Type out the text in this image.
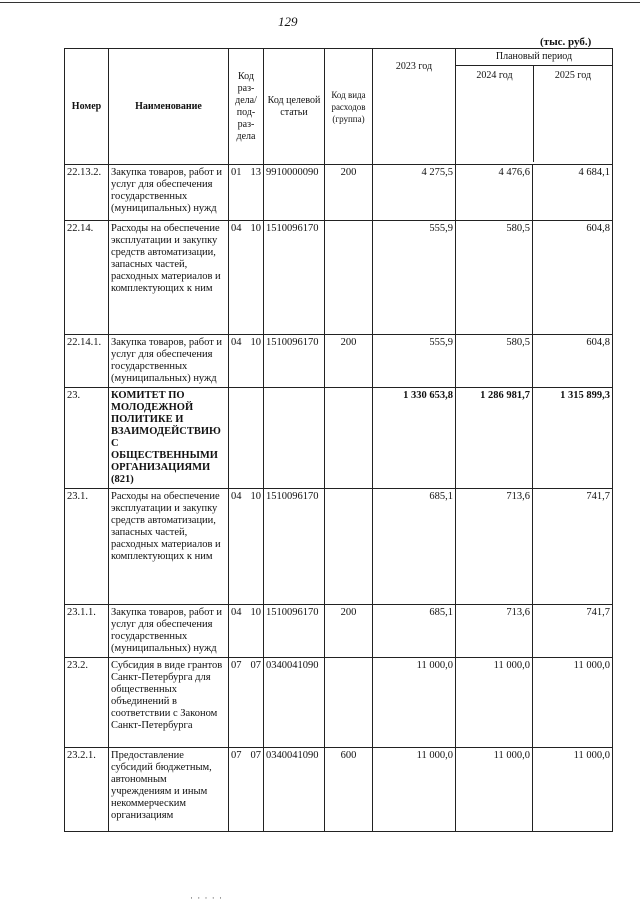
129
(тыс. руб.)
Номер	Наименование	Код раз-дела/ под-раз-дела	Код целевой статьи	Код вида расходов (группа)	2023 год	Плановый период
2024 год 2025 год	

22.13.2.	Закупка товаров, работ и услуг для обеспечения государственных (муниципальных) нужд	01 13	9910000090	200	4 275,5	4 476,6	4 684,1
22.14.	Расходы на обеспечение эксплуатации и закупку средств автоматизации, запасных частей, расходных материалов и комплектующих к ним	04 10	1510096170		555,9	580,5	604,8
22.14.1.	Закупка товаров, работ и услуг для обеспечения государственных (муниципальных) нужд	04 10	1510096170	200	555,9	580,5	604,8
23.	КОМИТЕТ ПО МОЛОДЕЖНОЙ ПОЛИТИКЕ И ВЗАИМОДЕЙСТВИЮ С ОБЩЕСТВЕННЫМИ ОРГАНИЗАЦИЯМИ (821)				1 330 653,8	1 286 981,7	1 315 899,3
23.1.	Расходы на обеспечение эксплуатации и закупку средств автоматизации, запасных частей, расходных материалов и комплектующих к ним	04 10	1510096170		685,1	713,6	741,7
23.1.1.	Закупка товаров, работ и услуг для обеспечения государственных (муниципальных) нужд	04 10	1510096170	200	685,1	713,6	741,7
23.2.	Субсидия в виде грантов Санкт-Петербурга для общественных объединений в соответствии с Законом Санкт-Петербурга	07 07	0340041090		11 000,0	11 000,0	11 000,0
23.2.1.	Предоставление субсидий бюджетным, автономным учреждениям и иным некоммерческим организациям	07 07	0340041090	600	11 000,0	11 000,0	11 000,0
· · · · ·
